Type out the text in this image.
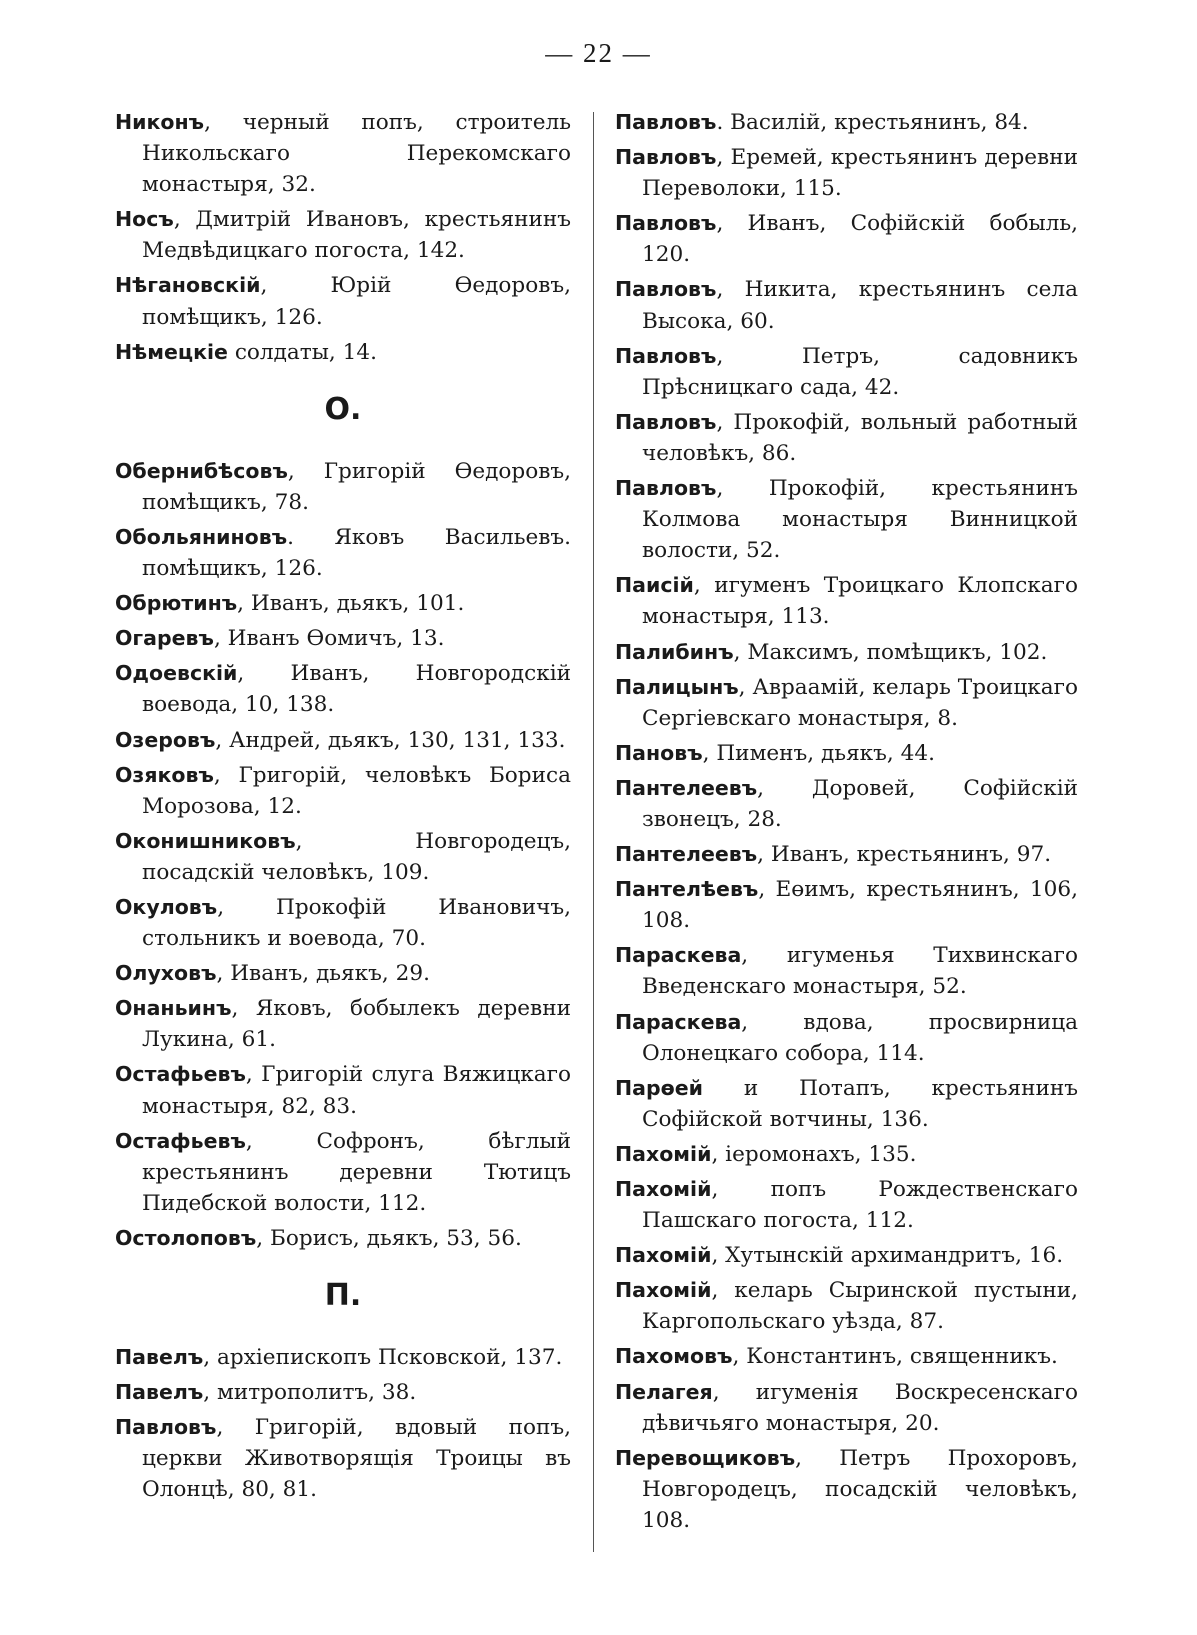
— 22 —
Никонъ, черный попъ, строитель Никольскаго Перекомскаго монастыря, 32.
Носъ, Дмитрій Ивановъ, крестьянинъ Медвѣдицкаго погоста, 142.
Нѣгановскій, Юрій Өедоровъ, помѣщикъ, 126.
Нѣмецкіе солдаты, 14.
О.
Обернибѣсовъ, Григорій Өедоровъ, помѣщикъ, 78.
Обольяниновъ. Яковъ Васильевъ. помѣщикъ, 126.
Обрютинъ, Иванъ, дьякъ, 101.
Огаревъ, Иванъ Өомичъ, 13.
Одоевскій, Иванъ, Новгородскій воевода, 10, 138.
Озеровъ, Андрей, дьякъ, 130, 131, 133.
Озяковъ, Григорій, человѣкъ Бориса Морозова, 12.
Оконишниковъ, Новгородецъ, посадскій человѣкъ, 109.
Окуловъ, Прокофій Ивановичъ, стольникъ и воевода, 70.
Олуховъ, Иванъ, дьякъ, 29.
Онаньинъ, Яковъ, бобылекъ деревни Лукина, 61.
Остафьевъ, Григорій слуга Вяжицкаго монастыря, 82, 83.
Остафьевъ, Софронъ, бѣглый крестьянинъ деревни Тютицъ Пидебской волости, 112.
Остолоповъ, Борисъ, дьякъ, 53, 56.
П.
Павелъ, архіепископъ Псковской, 137.
Павелъ, митрополитъ, 38.
Павловъ, Григорій, вдовый попъ, церкви Животворящія Троицы въ Олонцѣ, 80, 81.
Павловъ. Василій, крестьянинъ, 84.
Павловъ, Еремей, крестьянинъ деревни Переволоки, 115.
Павловъ, Иванъ, Софійскій бобыль, 120.
Павловъ, Никита, крестьянинъ села Высока, 60.
Павловъ, Петръ, садовникъ Прѣсницкаго сада, 42.
Павловъ, Прокофій, вольный работный человѣкъ, 86.
Павловъ, Прокофій, крестьянинъ Колмова монастыря Винницкой волости, 52.
Паисій, игуменъ Троицкаго Клопскаго монастыря, 113.
Палибинъ, Максимъ, помѣщикъ, 102.
Палицынъ, Авраамій, келарь Троицкаго Сергіевскаго монастыря, 8.
Пановъ, Пименъ, дьякъ, 44.
Пантелеевъ, Доровей, Софійскій звонецъ, 28.
Пантелеевъ, Иванъ, крестьянинъ, 97.
Пантелѣевъ, Еөимъ, крестьянинъ, 106, 108.
Параскева, игуменья Тихвинскаго Введенскаго монастыря, 52.
Параскева, вдова, просвирница Олонецкаго собора, 114.
Парөей и Потапъ, крестьянинъ Софійской вотчины, 136.
Пахомій, іеромонахъ, 135.
Пахомій, попъ Рождественскаго Пашскаго погоста, 112.
Пахомій, Хутынскій архимандритъ, 16.
Пахомій, келарь Сыринской пустыни, Каргопольскаго уѣзда, 87.
Пахомовъ, Константинъ, священникъ.
Пелагея, игуменія Воскресенскаго дѣвичьяго монастыря, 20.
Перевощиковъ, Петръ Прохоровъ, Новгородецъ, посадскій человѣкъ, 108.
